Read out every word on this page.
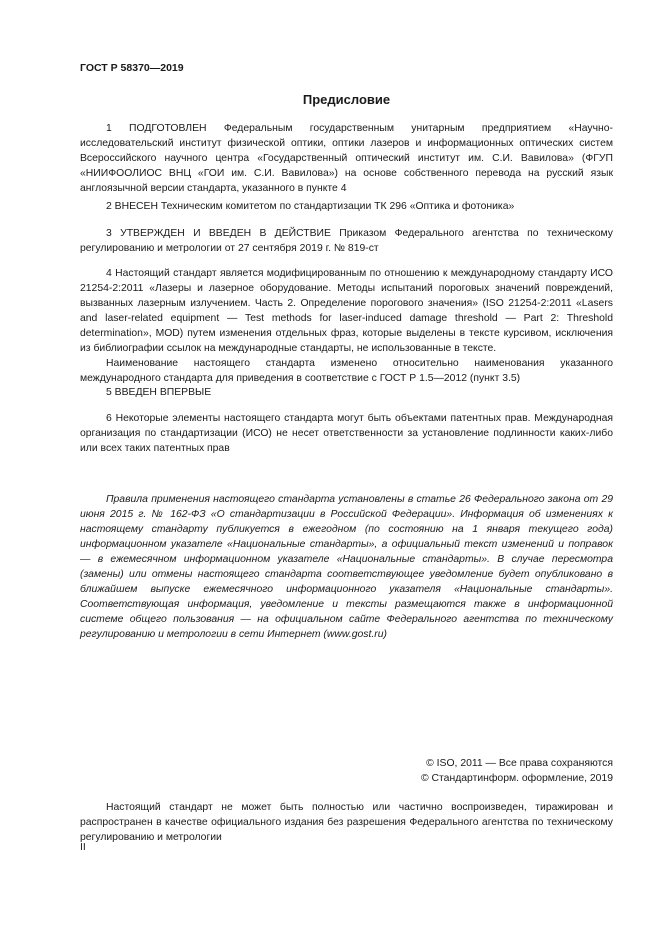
ГОСТ Р 58370—2019
Предисловие

1 ПОДГОТОВЛЕН Федеральным государственным унитарным предприятием «Научно-исследовательский институт физической оптики, оптики лазеров и информационных оптических систем Всероссийского научного центра «Государственный оптический институт им. С.И. Вавилова» (ФГУП «НИИФООЛИОС ВНЦ «ГОИ им. С.И. Вавилова») на основе собственного перевода на русский язык англоязычной версии стандарта, указанного в пункте 4

2 ВНЕСЕН Техническим комитетом по стандартизации ТК 296 «Оптика и фотоника»

3 УТВЕРЖДЕН И ВВЕДЕН В ДЕЙСТВИЕ Приказом Федерального агентства по техническому регулированию и метрологии от 27 сентября 2019 г. № 819-ст

4 Настоящий стандарт является модифицированным по отношению к международному стандарту ИСО 21254-2:2011 «Лазеры и лазерное оборудование. Методы испытаний пороговых значений повреждений, вызванных лазерным излучением. Часть 2. Определение порогового значения» (ISO 21254-2:2011 «Lasers and laser-related equipment — Test methods for laser-induced damage threshold — Part 2: Threshold determination», MOD) путем изменения отдельных фраз, которые выделены в тексте курсивом, исключения из библиографии ссылок на международные стандарты, не использованные в тексте.

Наименование настоящего стандарта изменено относительно наименования указанного международного стандарта для приведения в соответствие с ГОСТ Р 1.5—2012 (пункт 3.5)

5 ВВЕДЕН ВПЕРВЫЕ

6 Некоторые элементы настоящего стандарта могут быть объектами патентных прав. Международная организация по стандартизации (ИСО) не несет ответственности за установление подлинности каких-либо или всех таких патентных прав

Правила применения настоящего стандарта установлены в статье 26 Федерального закона от 29 июня 2015 г. № 162-ФЗ «О стандартизации в Российской Федерации». Информация об изменениях к настоящему стандарту публикуется в ежегодном (по состоянию на 1 января текущего года) информационном указателе «Национальные стандарты», а официальный текст изменений и поправок — в ежемесячном информационном указателе «Национальные стандарты». В случае пересмотра (замены) или отмены настоящего стандарта соответствующее уведомление будет опубликовано в ближайшем выпуске ежемесячного информационного указателя «Национальные стандарты». Соответствующая информация, уведомление и тексты размещаются также в информационной системе общего пользования — на официальном сайте Федерального агентства по техническому регулированию и метрологии в сети Интернет (www.gost.ru)

© ISO, 2011 — Все права сохраняются
© Стандартинформ. оформление, 2019

Настоящий стандарт не может быть полностью или частично воспроизведен, тиражирован и распространен в качестве официального издания без разрешения Федерального агентства по техническому регулированию и метрологии

II
